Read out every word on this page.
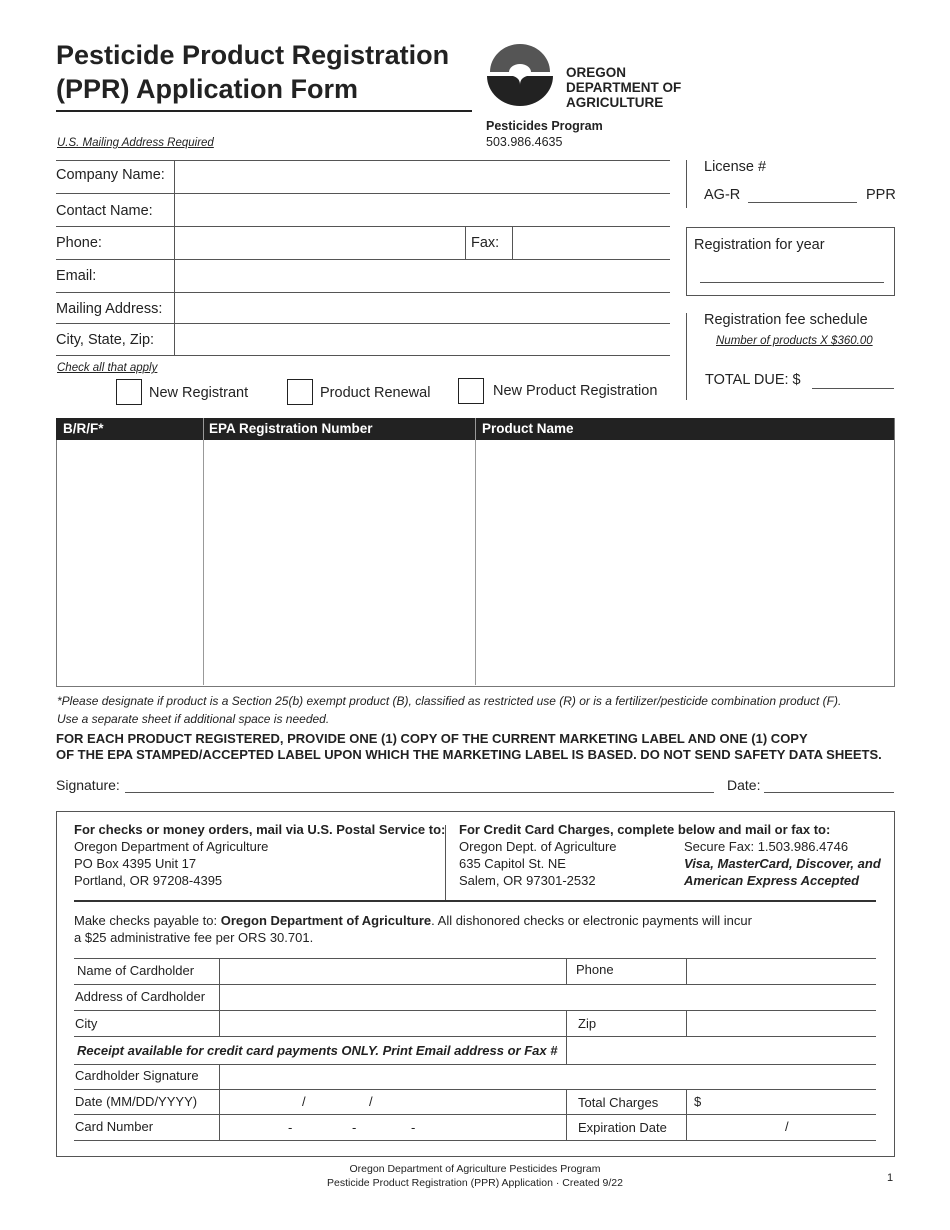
Pesticide Product Registration
(PPR) Application Form
OREGON
DEPARTMENT OF
AGRICULTURE
Pesticides Program
503.986.4635
U.S. Mailing Address Required
Company Name:
Contact Name:
Phone:	Fax:
Email:
Mailing Address:
City, State, Zip:
Check all that apply
New Registrant	Product Renewal	New Product Registration
License #
AG-R	PPR
Registration for year
Registration fee schedule
Number of products X $360.00
TOTAL DUE: $
B/R/F*	EPA Registration Number	Product Name
*Please designate if product is a Section 25(b) exempt product (B), classified as restricted use (R) or is a fertilizer/pesticide combination product (F).
Use a separate sheet if additional space is needed.
FOR EACH PRODUCT REGISTERED, PROVIDE ONE (1) COPY OF THE CURRENT MARKETING LABEL AND ONE (1) COPY
OF THE EPA STAMPED/ACCEPTED LABEL UPON WHICH THE MARKETING LABEL IS BASED. DO NOT SEND SAFETY DATA SHEETS.
Signature:	Date:
For checks or money orders, mail via U.S. Postal Service to:
Oregon Department of Agriculture
PO Box 4395 Unit 17
Portland, OR 97208-4395
For Credit Card Charges, complete below and mail or fax to:
Oregon Dept. of Agriculture
635 Capitol St. NE
Salem, OR 97301-2532
Secure Fax: 1.503.986.4746
Visa, MasterCard, Discover, and
American Express Accepted
Make checks payable to: Oregon Department of Agriculture. All dishonored checks or electronic payments will incur
a $25 administrative fee per ORS 30.701.
Name of Cardholder	Phone
Address of Cardholder
City	Zip
Receipt available for credit card payments ONLY. Print Email address or Fax #
Cardholder Signature
Date (MM/DD/YYYY)	/	/	Total Charges	$
Card Number	-	-	-	Expiration Date	/
Oregon Department of Agriculture Pesticides Program
Pesticide Product Registration (PPR) Application · Created 9/22	1
